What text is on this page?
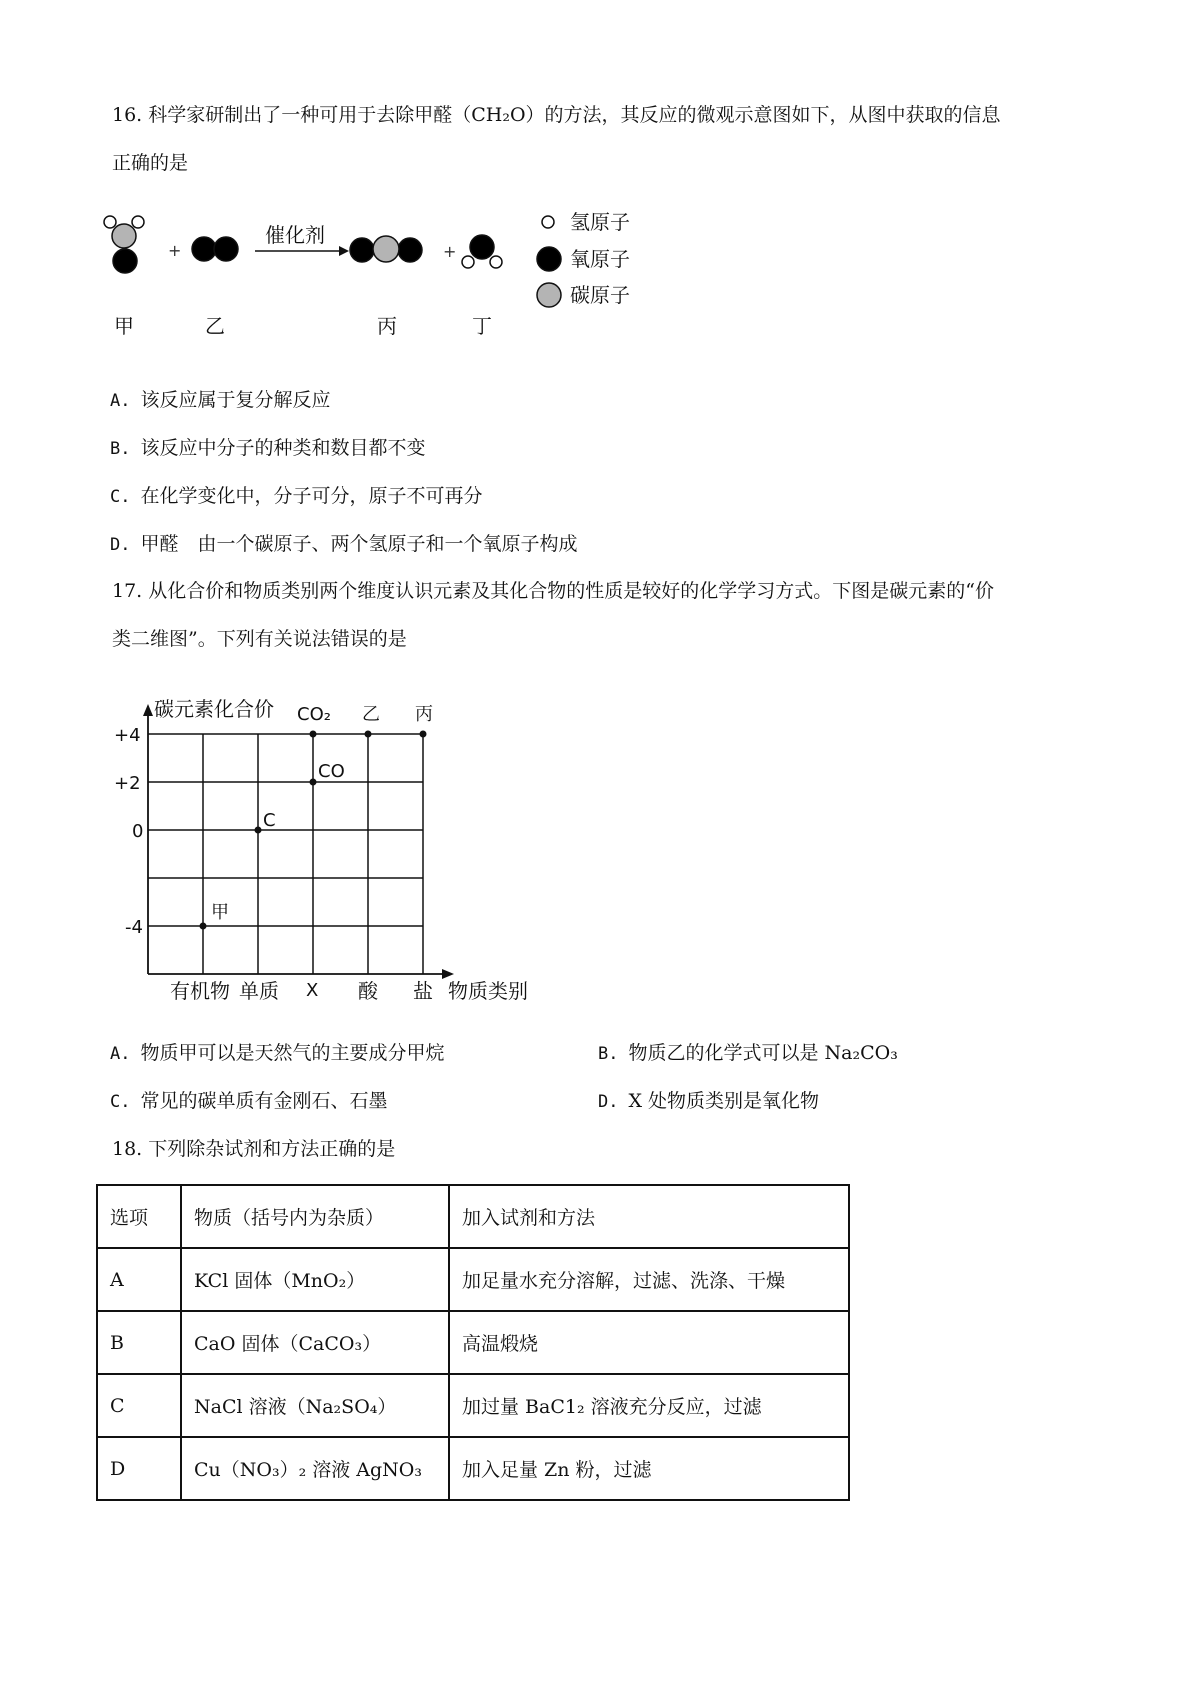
16. 科学家研制出了一种可用于去除甲醛（CH₂O）的方法，其反应的微观示意图如下，从图中获取的信息
正确的是
+
催化剂
+
甲	乙	丙	丁
氢原子
氧原子
碳原子
A. 该反应属于复分解反应
B. 该反应中分子的种类和数目都不变
C. 在化学变化中，分子可分，原子不可再分
D. 甲醛　由一个碳原子、两个氢原子和一个氧原子构成
17. 从化合价和物质类别两个维度认识元素及其化合物的性质是较好的化学学习方式。下图是碳元素的“价
类二维图”。下列有关说法错误的是
碳元素化合价
物质类别
+4
+2
0
-4
有机物 单质 X 酸 盐
甲
C
CO
CO₂ 乙 丙
A. 物质甲可以是天然气的主要成分甲烷	B. 物质乙的化学式可以是 Na₂CO₃
C. 常见的碳单质有金刚石、石墨	D. X 处物质类别是氧化物
18. 下列除杂试剂和方法正确的是
选项	物质（括号内为杂质）	加入试剂和方法
A	KCl 固体（MnO₂）	加足量水充分溶解，过滤、洗涤、干燥
B	CaO 固体（CaCO₃）	高温煅烧
C	NaCl 溶液（Na₂SO₄）	加过量 BaC1₂ 溶液充分反应，过滤
D	Cu（NO₃）₂ 溶液 AgNO₃	加入足量 Zn 粉，过滤
